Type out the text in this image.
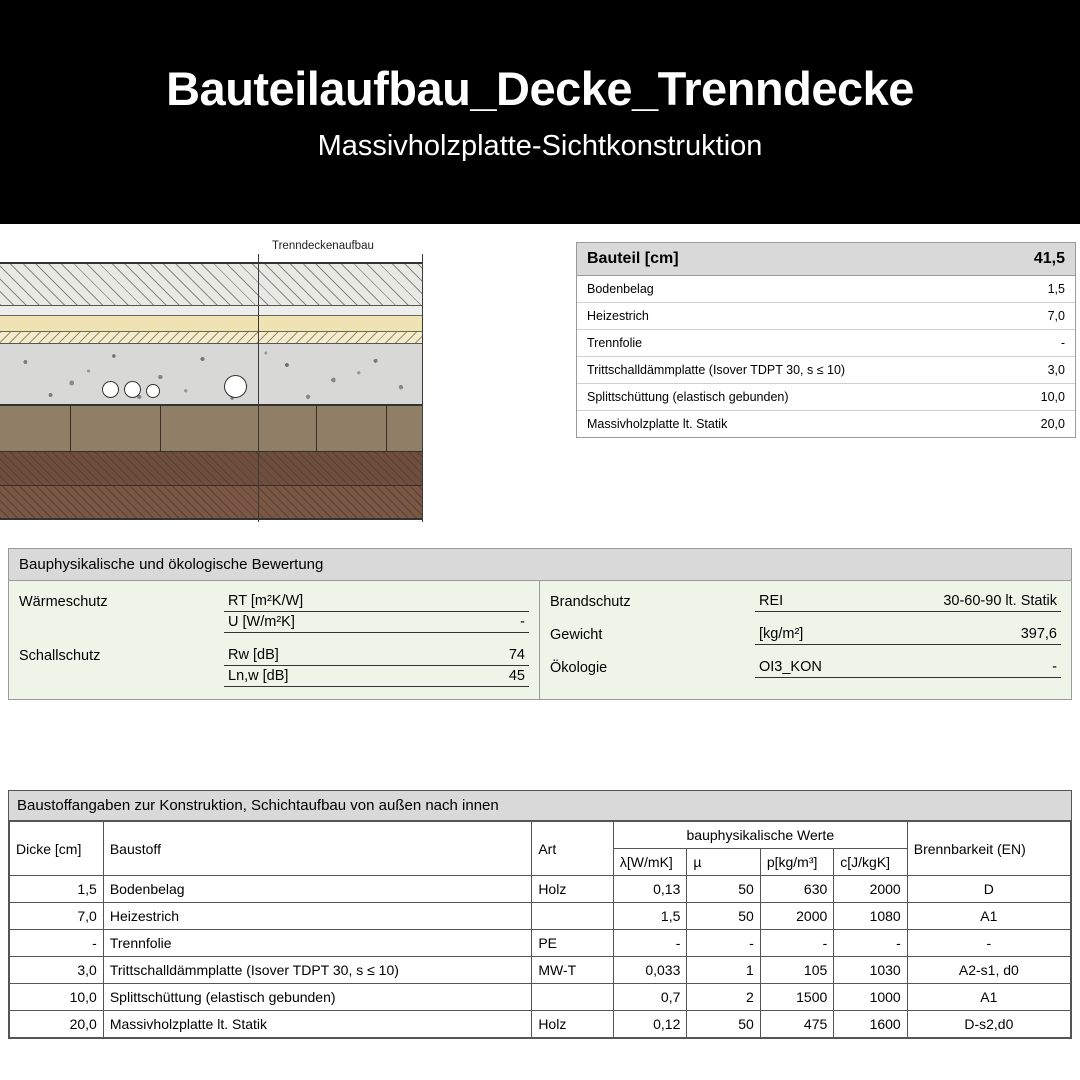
Bauteilaufbau_Decke_Trenndecke
Massivholzplatte-Sichtkonstruktion
Trenndeckenaufbau
Bauteil [cm]	41,5
Bodenbelag	1,5
Heizestrich	7,0
Trennfolie	-
Trittschalldämmplatte (Isover TDPT 30, s ≤ 10)	3,0
Splittschüttung (elastisch gebunden)	10,0
Massivholzplatte lt. Statik	20,0
Bauphysikalische und ökologische Bewertung
Wärmeschutz	RT [m²K/W]
U [W/m²K]	-
Schallschutz	Rw [dB]	74
Ln,w [dB]	45
Brandschutz	REI	30-60-90 lt. Statik
Gewicht	[kg/m²]	397,6
Ökologie	OI3_KON	-
Baustoffangaben zur Konstruktion, Schichtaufbau von außen nach innen
Dicke [cm]	Baustoff	Art	bauphysikalische Werte				Brennbarkeit (EN)
			λ[W/mK]	µ	p[kg/m³]	c[J/kgK]	
1,5	Bodenbelag	Holz	0,13	50	630	2000	D
7,0	Heizestrich		1,5	50	2000	1080	A1
-	Trennfolie	PE	-	-	-	-	-
3,0	Trittschalldämmplatte (Isover TDPT 30, s ≤ 10)	MW-T	0,033	1	105	1030	A2-s1, d0
10,0	Splittschüttung (elastisch gebunden)		0,7	2	1500	1000	A1
20,0	Massivholzplatte lt. Statik	Holz	0,12	50	475	1600	D-s2,d0
